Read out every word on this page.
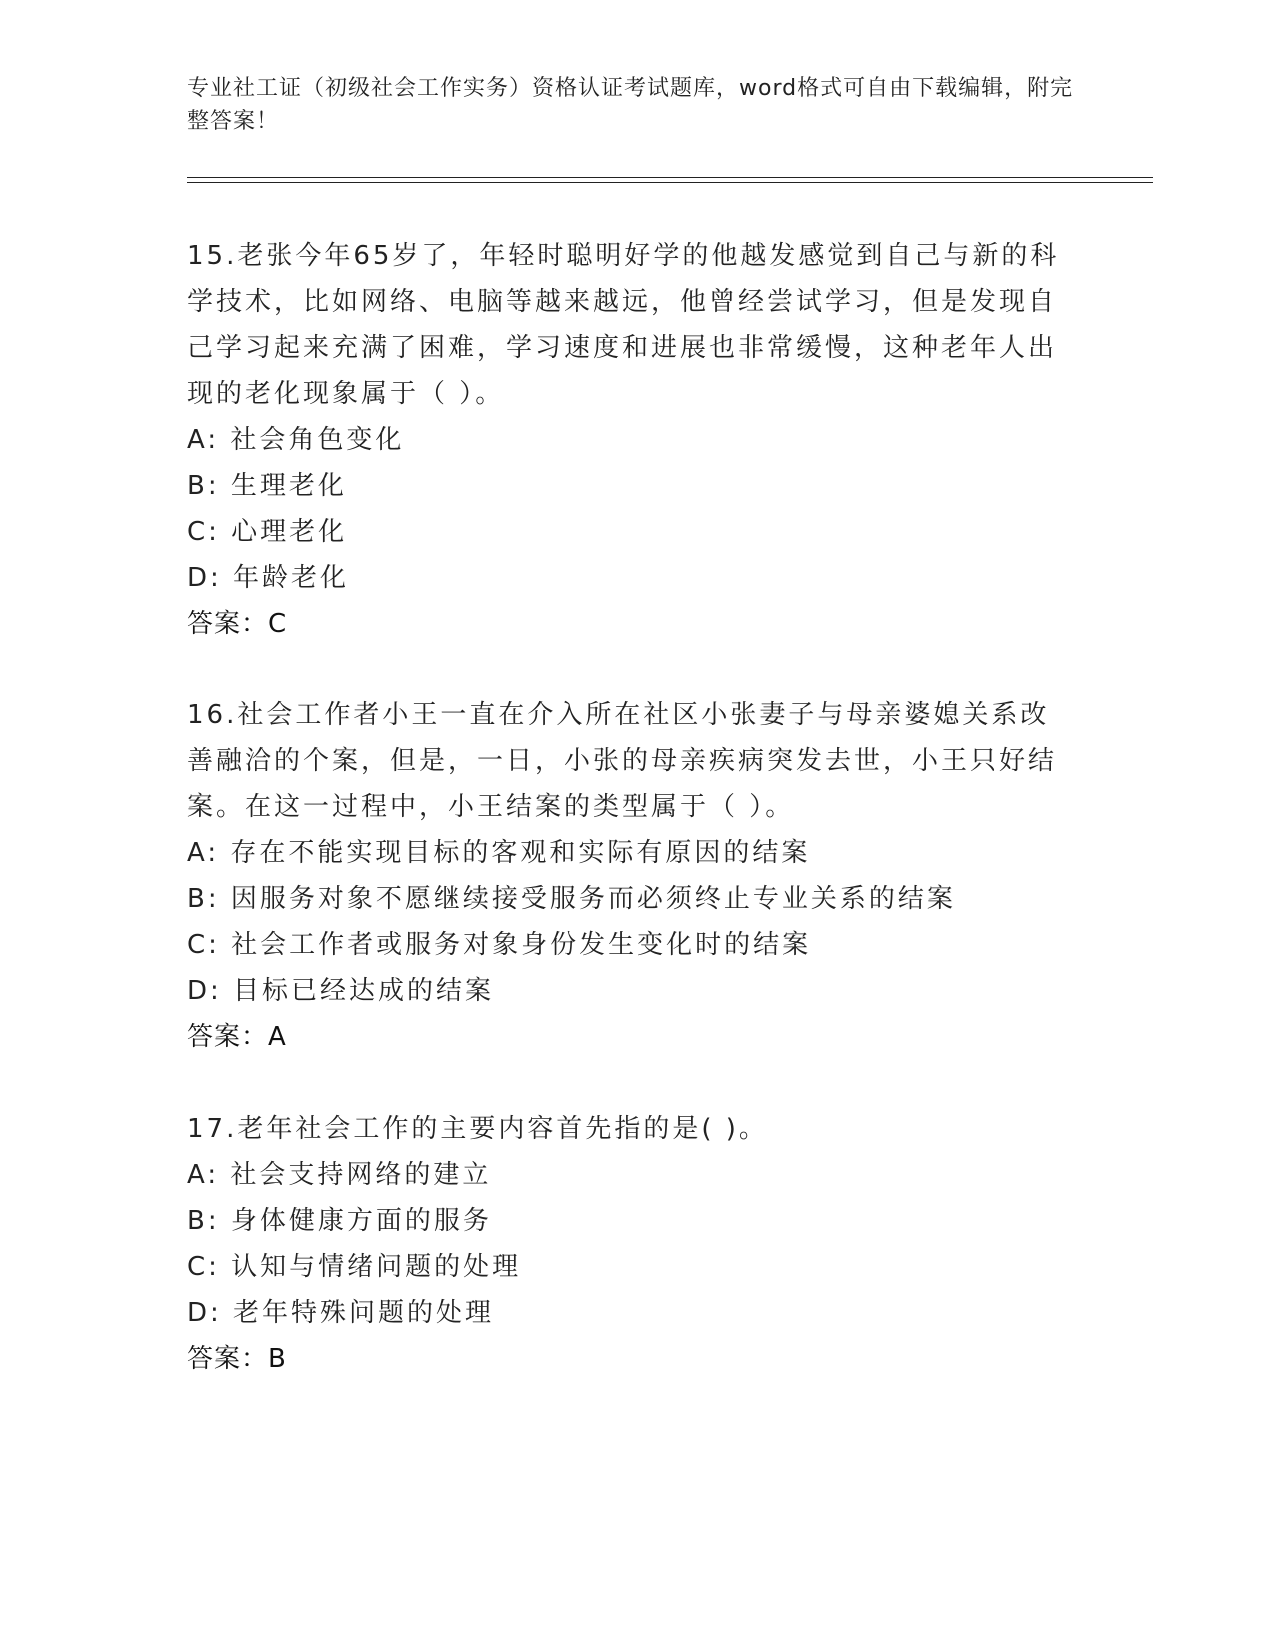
专业社工证（初级社会工作实务）资格认证考试题库，word格式可自由下载编辑，附完整答案！

15.老张今年65岁了，年轻时聪明好学的他越发感觉到自己与新的科学技术，比如网络、电脑等越来越远，他曾经尝试学习，但是发现自己学习起来充满了困难，学习速度和进展也非常缓慢，这种老年人出现的老化现象属于（ ）。

A: 社会角色变化
B: 生理老化
C: 心理老化
D: 年龄老化
答案：C

16.社会工作者小王一直在介入所在社区小张妻子与母亲婆媳关系改善融洽的个案，但是，一日，小张的母亲疾病突发去世，小王只好结案。在这一过程中，小王结案的类型属于（ ）。

A: 存在不能实现目标的客观和实际有原因的结案
B: 因服务对象不愿继续接受服务而必须终止专业关系的结案
C: 社会工作者或服务对象身份发生变化时的结案
D: 目标已经达成的结案
答案：A

17.老年社会工作的主要内容首先指的是( )。

A: 社会支持网络的建立
B: 身体健康方面的服务
C: 认知与情绪问题的处理
D: 老年特殊问题的处理
答案：B
